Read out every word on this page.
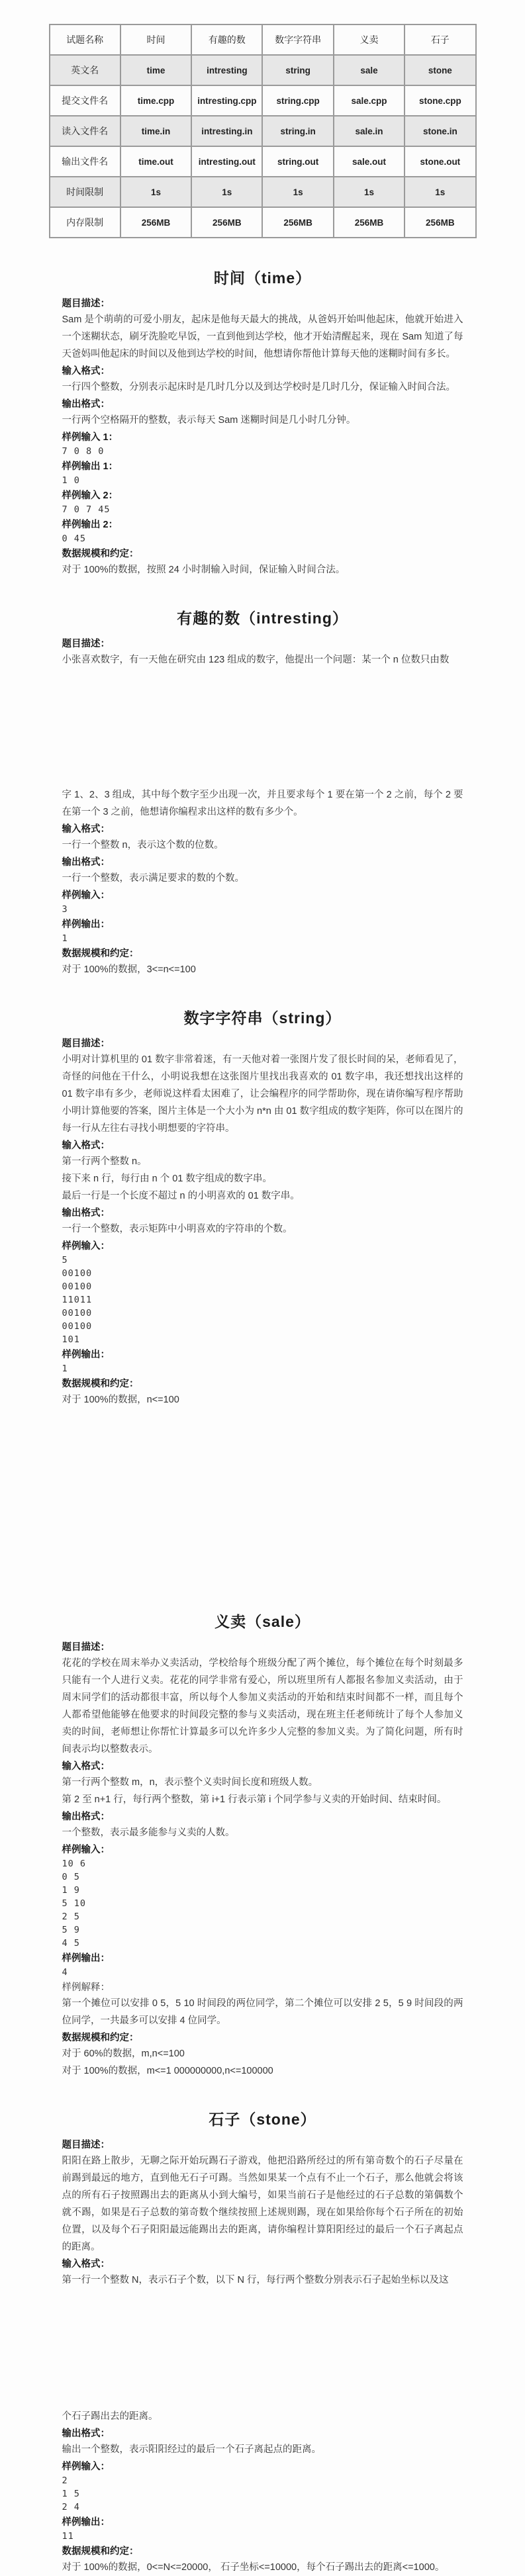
试题名称	时间	有趣的数	数字字符串	义卖	石子
英文名	time	intresting	string	sale	stone
提交文件名	time.cpp	intresting.cpp	string.cpp	sale.cpp	stone.cpp
读入文件名	time.in	intresting.in	string.in	sale.in	stone.in
输出文件名	time.out	intresting.out	string.out	sale.out	stone.out
时间限制	1s	1s	1s	1s	1s
内存限制	256MB	256MB	256MB	256MB	256MB
时间（time）
题目描述：
Sam 是个萌萌的可爱小朋友，起床是他每天最大的挑战，从爸妈开始叫他起床，他就开始进入一个迷糊状态，刷牙洗脸吃早饭，一直到他到达学校，他才开始清醒起来，现在 Sam 知道了每天爸妈叫他起床的时间以及他到达学校的时间，他想请你帮他计算每天他的迷糊时间有多长。
输入格式：
一行四个整数，分别表示起床时是几时几分以及到达学校时是几时几分，保证输入时间合法。
输出格式：
一行两个空格隔开的整数，表示每天 Sam 迷糊时间是几小时几分钟。
样例输入 1：
7 0 8 0
样例输出 1：
1 0
样例输入 2：
7 0 7 45
样例输出 2：
0 45
数据规模和约定：
对于 100%的数据，按照 24 小时制输入时间，保证输入时间合法。
有趣的数（intresting）
题目描述：
小张喜欢数字，有一天他在研究由 123 组成的数字，他提出一个问题：某一个 n 位数只由数
字 1、2、3 组成，其中每个数字至少出现一次，并且要求每个 1 要在第一个 2 之前，每个 2 要在第一个 3 之前，他想请你编程求出这样的数有多少个。
输入格式：
一行一个整数 n，表示这个数的位数。
输出格式：
一行一个整数，表示满足要求的数的个数。
样例输入：
3
样例输出：
1
数据规模和约定：
对于 100%的数据，3<=n<=100
数字字符串（string）
题目描述：
小明对计算机里的 01 数字非常着迷，有一天他对着一张图片发了很长时间的呆，老师看见了，奇怪的问他在干什么，小明说我想在这张图片里找出我喜欢的 01 数字串，我还想找出这样的 01 数字串有多少，老师说这样看太困难了，让会编程序的同学帮助你，现在请你编写程序帮助小明计算他要的答案，图片主体是一个大小为 n*n 由 01 数字组成的数字矩阵，你可以在图片的每一行从左往右寻找小明想要的字符串。
输入格式：
第一行两个整数 n。
接下来 n 行，每行由 n 个 01 数字组成的数字串。
最后一行是一个长度不超过 n 的小明喜欢的 01 数字串。
输出格式：
一行一个整数，表示矩阵中小明喜欢的字符串的个数。
样例输入：
5
00100
00100
11011
00100
00100
101
样例输出：
1
数据规模和约定：
对于 100%的数据，n<=100
义卖（sale）
题目描述：
花花的学校在周末举办义卖活动，学校给每个班级分配了两个摊位，每个摊位在每个时刻最多只能有一个人进行义卖。花花的同学非常有爱心，所以班里所有人都报名参加义卖活动，由于周末同学们的活动都很丰富，所以每个人参加义卖活动的开始和结束时间都不一样，而且每个人都希望他能够在他要求的时间段完整的参与义卖活动，现在班主任老师统计了每个人参加义卖的时间，老师想让你帮忙计算最多可以允许多少人完整的参加义卖。为了简化问题，所有时间表示均以整数表示。
输入格式：
第一行两个整数 m，n，表示整个义卖时间长度和班级人数。
第 2 至 n+1 行，每行两个整数，第 i+1 行表示第 i 个同学参与义卖的开始时间、结束时间。
输出格式：
一个整数，表示最多能参与义卖的人数。
样例输入：
10 6
0 5
1 9
5 10
2 5
5 9
4 5
样例输出：
4
样例解释：
第一个摊位可以安排 0 5，5 10 时间段的两位同学，第二个摊位可以安排 2 5，5 9 时间段的两位同学，一共最多可以安排 4 位同学。
数据规模和约定：
对于 60%的数据，m,n<=100
对于 100%的数据，m<=1 000000000,n<=100000
石子（stone）
题目描述：
阳阳在路上散步，无聊之际开始玩踢石子游戏，他把沿路所经过的所有第奇数个的石子尽量在前踢到最远的地方，直到他无石子可踢。当然如果某一个点有不止一个石子，那么他就会将该点的所有石子按照踢出去的距离从小到大编号，如果当前石子是他经过的石子总数的第偶数个就不踢，如果是石子总数的第奇数个继续按照上述规则踢，现在如果给你每个石子所在的初始位置，以及每个石子阳阳最远能踢出去的距离，请你编程计算阳阳经过的最后一个石子离起点的距离。
输入格式：
第一行一个整数 N，表示石子个数，以下 N 行，每行两个整数分别表示石子起始坐标以及这
个石子踢出去的距离。
输出格式：
输出一个整数，表示阳阳经过的最后一个石子离起点的距离。
样例输入：
2
1 5
2 4
样例输出：
11
数据规模和约定：
对于 100%的数据，0<=N<=20000， 石子坐标<=10000，每个石子踢出去的距离<=1000。
